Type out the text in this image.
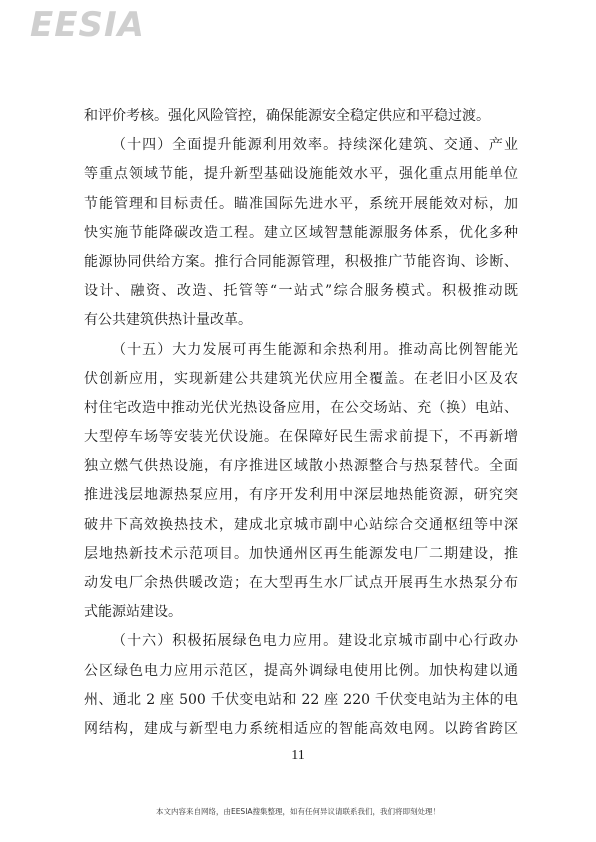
EESIA
和评价考核。强化风险管控，确保能源安全稳定供应和平稳过渡。
（十四）全面提升能源利用效率。持续深化建筑、交通、产业
等重点领域节能，提升新型基础设施能效水平，强化重点用能单位
节能管理和目标责任。瞄准国际先进水平，系统开展能效对标，加
快实施节能降碳改造工程。建立区域智慧能源服务体系，优化多种
能源协同供给方案。推行合同能源管理，积极推广节能咨询、诊断、
设计、融资、改造、托管等“一站式”综合服务模式。积极推动既
有公共建筑供热计量改革。
（十五）大力发展可再生能源和余热利用。推动高比例智能光
伏创新应用，实现新建公共建筑光伏应用全覆盖。在老旧小区及农
村住宅改造中推动光伏光热设备应用，在公交场站、充（换）电站、
大型停车场等安装光伏设施。在保障好民生需求前提下，不再新增
独立燃气供热设施，有序推进区域散小热源整合与热泵替代。全面
推进浅层地源热泵应用，有序开发利用中深层地热能资源，研究突
破井下高效换热技术，建成北京城市副中心站综合交通枢纽等中深
层地热新技术示范项目。加快通州区再生能源发电厂二期建设，推
动发电厂余热供暖改造；在大型再生水厂试点开展再生水热泵分布
式能源站建设。
（十六）积极拓展绿色电力应用。建设北京城市副中心行政办
公区绿色电力应用示范区，提高外调绿电使用比例。加快构建以通
州、通北 2 座 500 千伏变电站和 22 座 220 千伏变电站为主体的电
网结构，建成与新型电力系统相适应的智能高效电网。以跨省跨区
11
本文内容来自网络，由EESIA搜集整理，如有任何异议请联系我们，我们将即刻处理！
